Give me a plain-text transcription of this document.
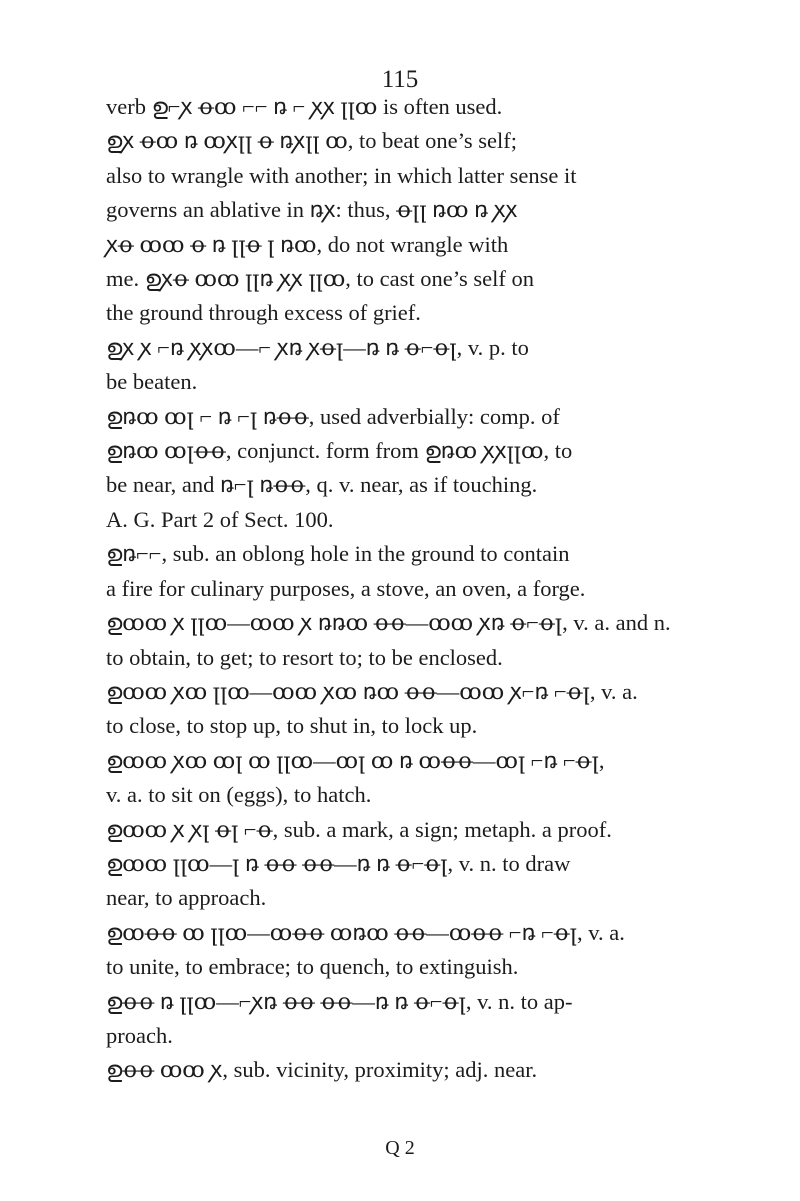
115
verb ഉ⌐ꭗ ꝋꝏ ⌐⌐ ꬻ ⌐ ꭗꭗ ꞁꞁꝏ is often used.
ഉꭗ ꝋꝏ ꬻ ꝏꭗꞁꞁ ꝋ ꬻꭗꞁꞁ ꝏ, to beat one’s self;
also to wrangle with another; in which latter sense it
governs an ablative in ꬻꭗ: thus, ꝋꞁꞁ ꬻꝏ ꬻ ꭗꭗ
ꭗꝋ ꝏꝏ ꝋ ꬻ ꞁꞁꝋ ꞁ ꬻꝏ, do not wrangle with
me. ഉꭗꝋ ꝏꝏ ꞁꞁꬻ ꭗꭗ ꞁꞁꝏ, to cast one’s self on
the ground through excess of grief.
ഉꭗ ꭗ ⌐ꬻ ꭗꭗꝏ—⌐ ꭗꬻ ꭗꝋꞁ—ꬻ ꬻ ꝋ⌐ꝋꞁ, v. p. to
be beaten.
ഉꬻꝏ ꝏꞁ ⌐ ꬻ ⌐ꞁ ꬻꝋꝋ, used adverbially: comp. of
ഉꬻꝏ ꝏꞁꝋꝋ, conjunct. form from ഉꬻꝏ ꭗꭗꞁꞁꝏ, to
be near, and ꬻ⌐ꞁ ꬻꝋꝋ, q. v. near, as if touching.
A. G. Part 2 of Sect. 100.
ഉꬻ⌐⌐, sub. an oblong hole in the ground to contain
a fire for culinary purposes, a stove, an oven, a forge.
ഉꝏꝏ ꭗ ꞁꞁꝏ—ꝏꝏ ꭗ ꬻꬻꝏ ꝋꝋ—ꝏꝏ ꭗꬻ ꝋ⌐ꝋꞁ, v. a. and n.
to obtain, to get; to resort to; to be enclosed.
ഉꝏꝏ ꭗꝏ ꞁꞁꝏ—ꝏꝏ ꭗꝏ ꬻꝏ ꝋꝋ—ꝏꝏ ꭗ⌐ꬻ ⌐ꝋꞁ, v. a.
to close, to stop up, to shut in, to lock up.
ഉꝏꝏ ꭗꝏ ꝏꞁ ꝏ ꞁꞁꝏ—ꝏꞁ ꝏ ꬻ ꝏꝋꝋ—ꝏꞁ ⌐ꬻ ⌐ꝋꞁ,
v. a. to sit on (eggs), to hatch.
ഉꝏꝏ ꭗ ꭗꞁ ꝋꞁ ⌐ꝋ, sub. a mark, a sign; metaph. a proof.
ഉꝏꝏ ꞁꞁꝏ—ꞁ ꬻ ꝋꝋ ꝋꝋ—ꬻ ꬻ ꝋ⌐ꝋꞁ, v. n. to draw
near, to approach.
ഉꝏꝋꝋ ꝏ ꞁꞁꝏ—ꝏꝋꝋ ꝏꬻꝏ ꝋꝋ—ꝏꝋꝋ ⌐ꬻ ⌐ꝋꞁ, v. a.
to unite, to embrace; to quench, to extinguish.
ഉꝋꝋ ꬻ ꞁꞁꝏ—⌐ꭗꬻ ꝋꝋ ꝋꝋ—ꬻ ꬻ ꝋ⌐ꝋꞁ, v. n. to ap-
proach.
ഉꝋꝋ ꝏꝏ ꭗ, sub. vicinity, proximity; adj. near.
Q 2
